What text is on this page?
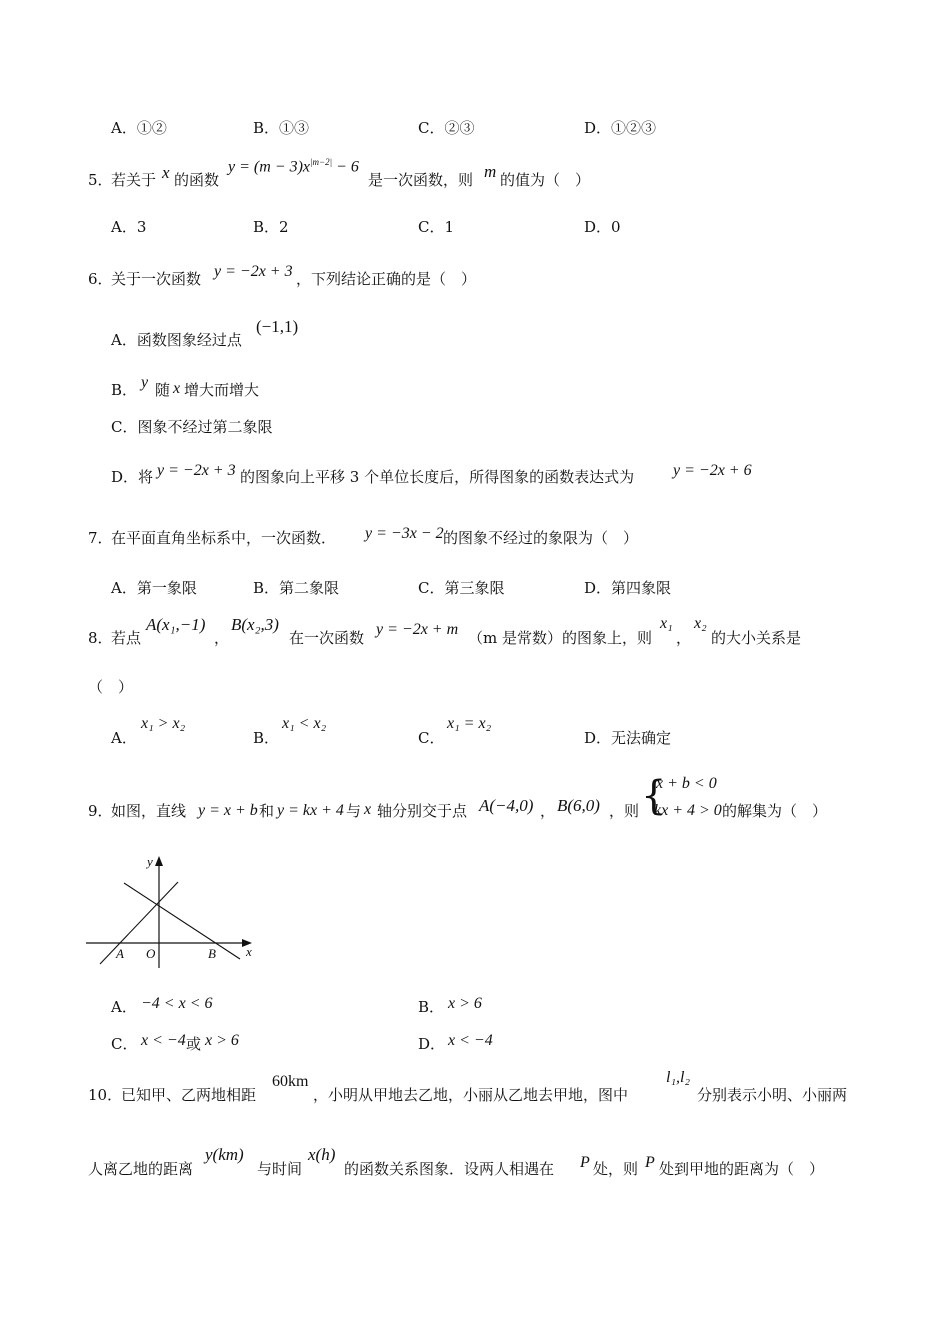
A．①②	B．①③	C．②③	D．①②③
5．
若关于 x 的函数
$y = (m - 3)x^{|m-2|} - 6$
是一次函数，则 m 的值为（　）
A．3	B．2	C．1	D．0
6．
关于一次函数 y = −2x + 3 ，下列结论正确的是（　）
A．函数图象经过点
(−1,1)
B． y 随 x 增大而增大
C．图象不经过第二象限
D．将 y = −2x + 3 的图象向上平移 3 个单位长度后，所得图象的函数表达式为 y = −2x + 6
7．
在平面直角坐标系中，一次函数． y = −3x − 2 的图象不经过的象限为（　）
A．第一象限	B．第二象限	C．第三象限	D．第四象限
8．
若点
A(x₁,−1)
，
B(x₂,3)
在一次函数 y = −2x + m （m 是常数）的图象上，则
x₁
，
x₂
的大小关系是
（　）
A．
x₁ > x₂
B．
x₁ < x₂
C．
x₁ = x₂
D．无法确定
9．
如图，直线 y = x + b 和 y = kx + 4 与 x 轴分别交于点 A(−4,0) ， B(6,0) ，则 {
x + b < 0
kx + 4 > 0 的解集为（　）
y
x
O
A	B
A． −4 < x < 6	B． x > 6
C． x < −4 或 x > 6	D． x < −4
10．
已知甲、乙两地相距
60km
，小明从甲地去乙地，小丽从乙地去甲地，图中
l₁,l₂
分别表示小明、小丽两
人离乙地的距离
y(km)
与时间
x(h)
的函数关系图象．设两人相遇在 P 处，则 P 处到甲地的距离为（　）
